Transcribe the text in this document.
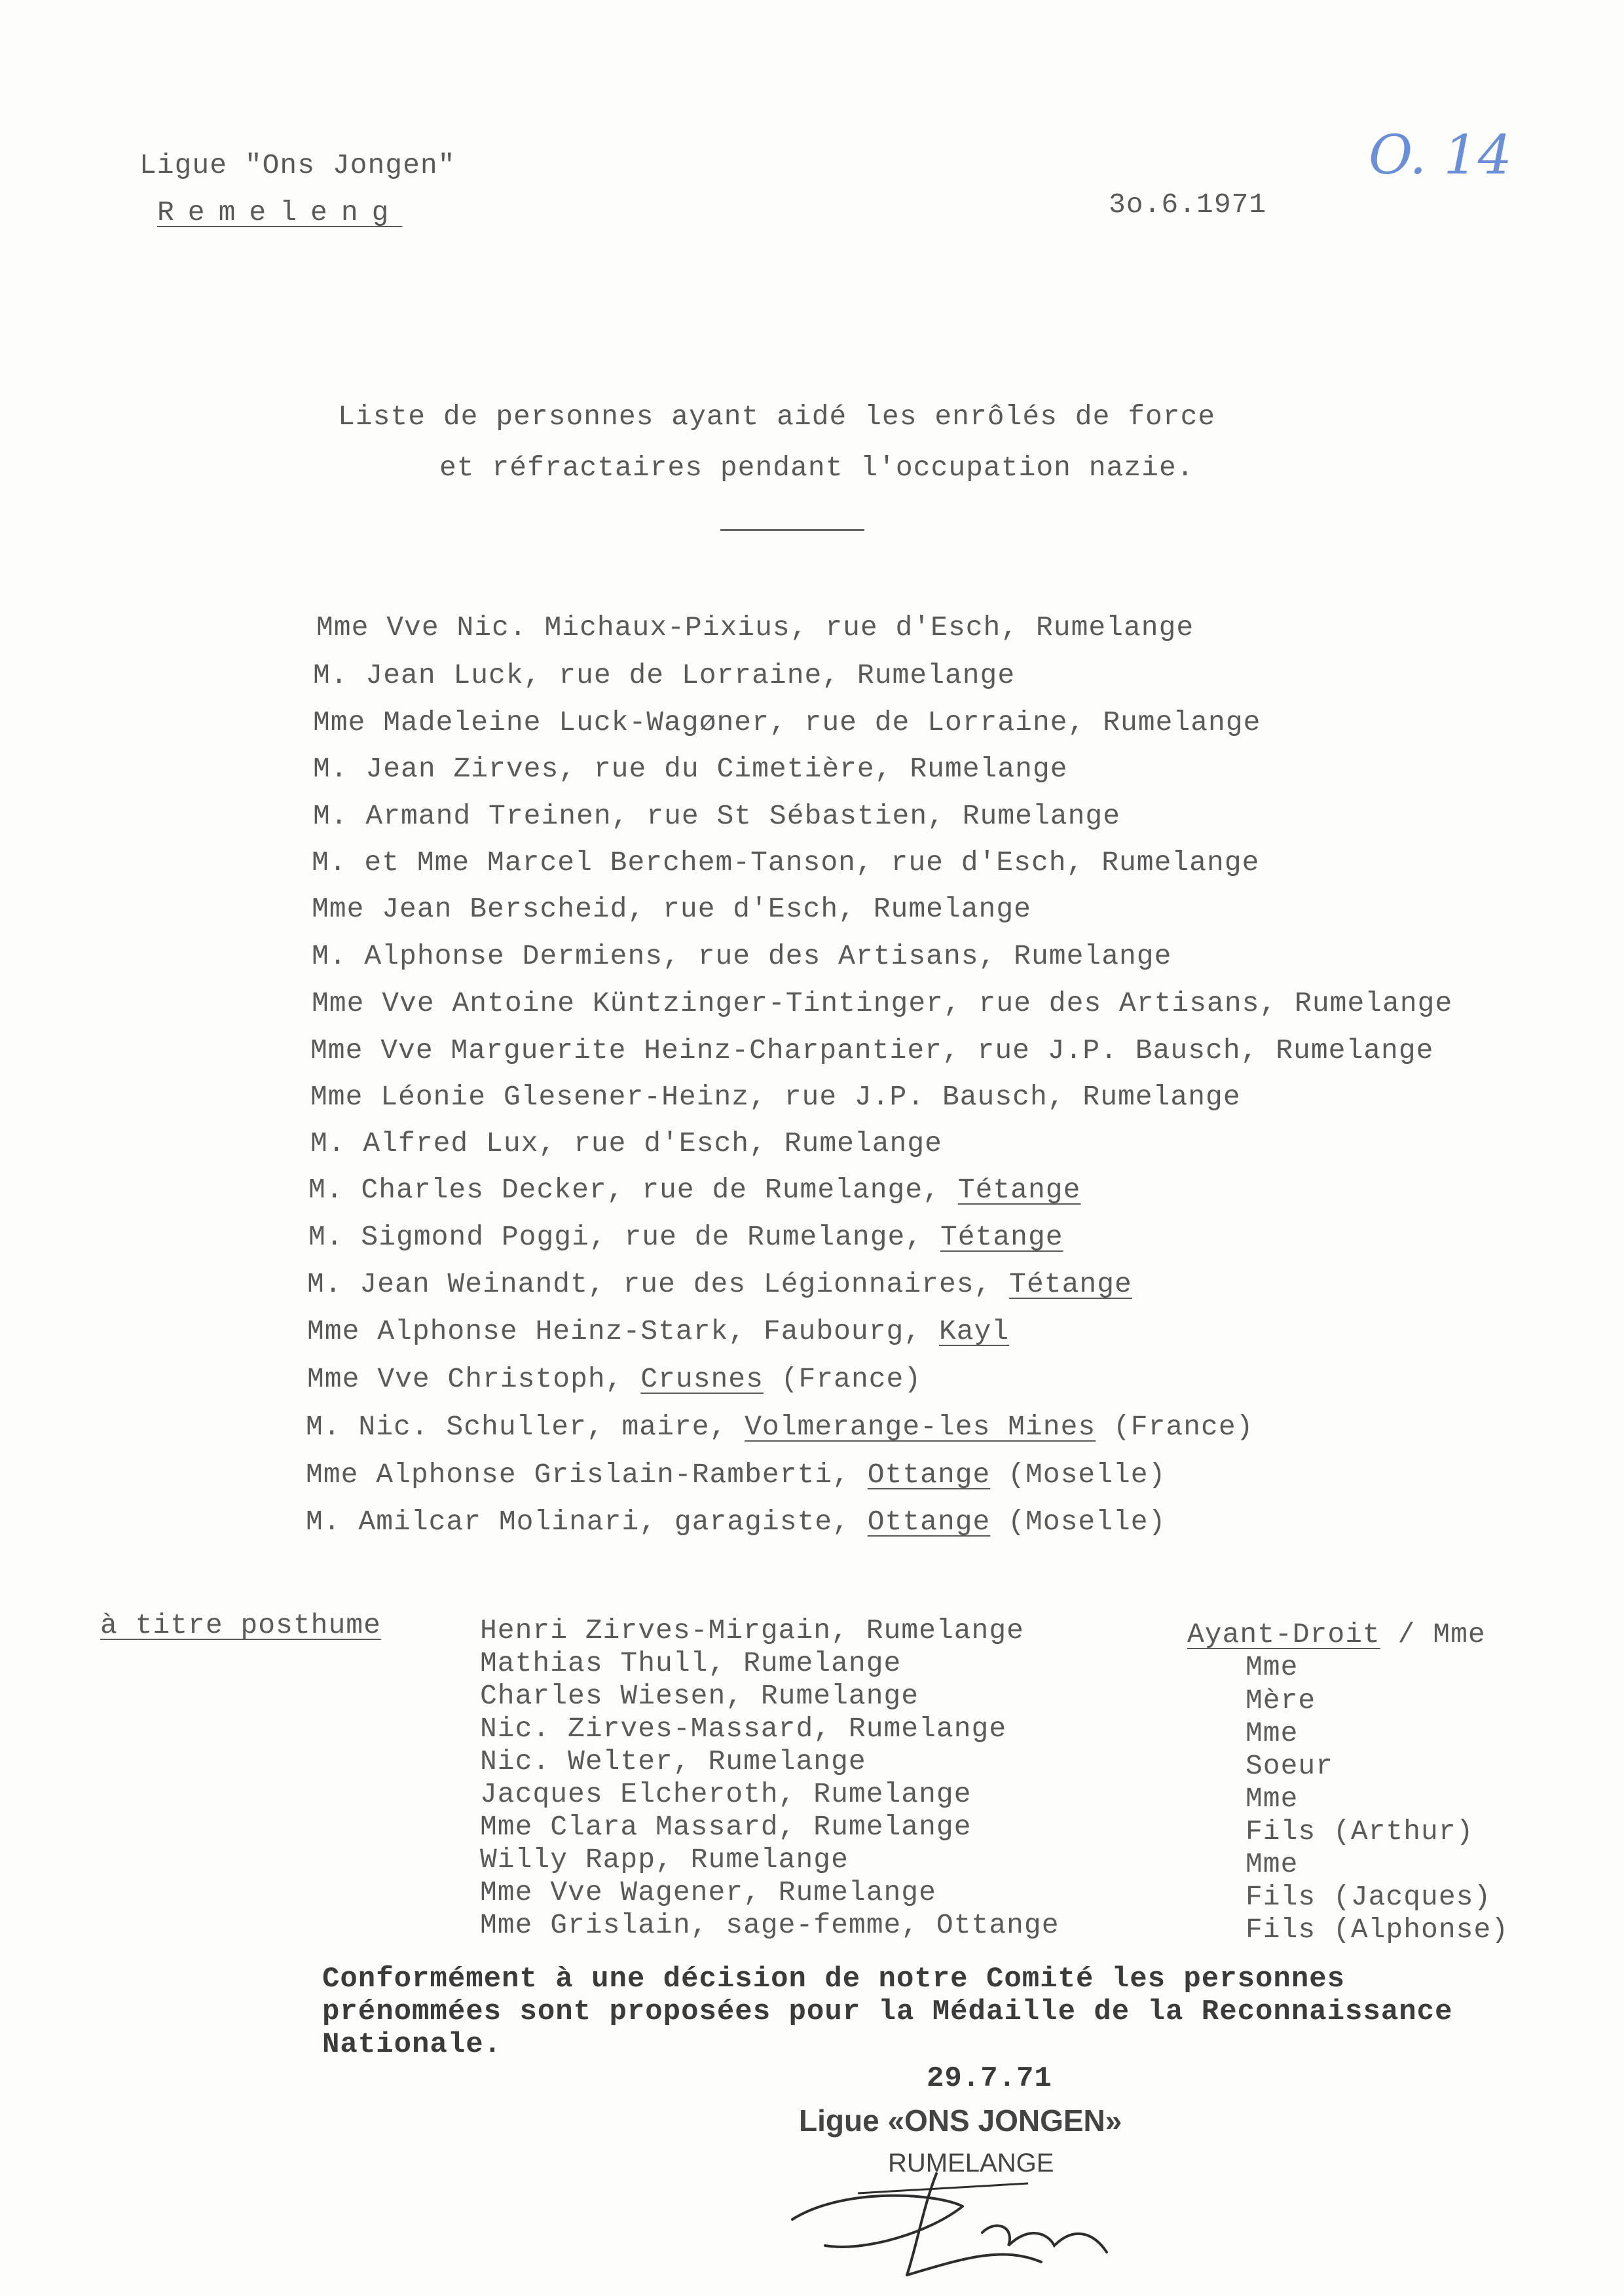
Ligue "Ons Jongen"
Remeleng	3o.6.1971
O. 14
Liste de personnes ayant aidé les enrôlés de force
et réfractaires pendant l'occupation nazie.
Mme Vve Nic. Michaux-Pixius, rue d'Esch, Rumelange
M. Jean Luck, rue de Lorraine, Rumelange
Mme Madeleine Luck-Wagøner, rue de Lorraine, Rumelange
M. Jean Zirves, rue du Cimetière, Rumelange
M. Armand Treinen, rue St Sébastien, Rumelange
M. et Mme Marcel Berchem-Tanson, rue d'Esch, Rumelange
Mme Jean Berscheid, rue d'Esch, Rumelange
M. Alphonse Dermiens, rue des Artisans, Rumelange
Mme Vve Antoine Küntzinger-Tintinger, rue des Artisans, Rumelange
Mme Vve Marguerite Heinz-Charpantier, rue J.P. Bausch, Rumelange
Mme Léonie Glesener-Heinz, rue J.P. Bausch, Rumelange
M. Alfred Lux, rue d'Esch, Rumelange
M. Charles Decker, rue de Rumelange, Tétange
M. Sigmond Poggi, rue de Rumelange, Tétange
M. Jean Weinandt, rue des Légionnaires, Tétange
Mme Alphonse Heinz-Stark, Faubourg, Kayl
Mme Vve Christoph, Crusnes (France)
M. Nic. Schuller, maire, Volmerange-les Mines (France)
Mme Alphonse Grislain-Ramberti, Ottange (Moselle)
M. Amilcar Molinari, garagiste, Ottange (Moselle)
à titre posthume	Ayant-Droit / Mme
Henri Zirves-Mirgain, Rumelange
Mathias Thull, Rumelange	Mme
Charles Wiesen, Rumelange	Mère
Nic. Zirves-Massard, Rumelange	Mme
Nic. Welter, Rumelange	Soeur
Jacques Elcheroth, Rumelange	Mme
Mme Clara Massard, Rumelange	Fils (Arthur)
Willy Rapp, Rumelange	Mme
Mme Vve Wagener, Rumelange	Fils (Jacques)
Mme Grislain, sage-femme, Ottange	Fils (Alphonse)
Conformément à une décision de notre Comité les personnes
prénommées sont proposées pour la Médaille de la Reconnaissance
Nationale.
29.7.71
Ligue «ONS JONGEN»
RUMELANGE
